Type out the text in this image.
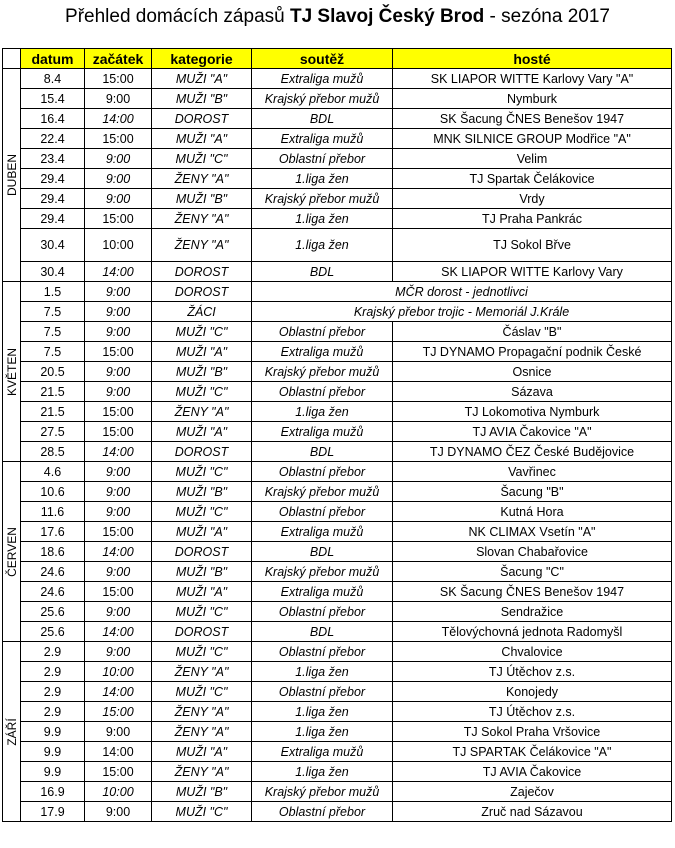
Přehled domácích zápasů TJ Slavoj Český Brod - sezóna 2017
	datum	začátek	kategorie	soutěž	hosté

DUBEN	8.4	15:00	MUŽI "A"	Extraliga mužů	SK LIAPOR WITTE Karlovy Vary "A"
	15.4	9:00	MUŽI "B"	Krajský přebor mužů	Nymburk
	16.4	14:00	DOROST	BDL	SK Šacung ČNES Benešov 1947
	22.4	15:00	MUŽI "A"	Extraliga mužů	MNK SILNICE GROUP Modřice "A"
	23.4	9:00	MUŽI "C"	Oblastní přebor	Velim
	29.4	9:00	ŽENY "A"	1.liga žen	TJ Spartak Čelákovice
	29.4	9:00	MUŽI "B"	Krajský přebor mužů	Vrdy
	29.4	15:00	ŽENY "A"	1.liga žen	TJ Praha Pankrác
	30.4	10:00	ŽENY "A"	1.liga žen	TJ Sokol Břve
	30.4	14:00	DOROST	BDL	SK LIAPOR WITTE Karlovy Vary

KVĚTEN	1.5	9:00	DOROST	MČR dorost - jednotlivci	
	7.5	9:00	ŽÁCI	Krajský přebor trojic - Memoriál J.Krále	
	7.5	9:00	MUŽI "C"	Oblastní přebor	Čáslav "B"
	7.5	15:00	MUŽI "A"	Extraliga mužů	TJ DYNAMO Propagační podnik České
	20.5	9:00	MUŽI "B"	Krajský přebor mužů	Osnice
	21.5	9:00	MUŽI "C"	Oblastní přebor	Sázava
	21.5	15:00	ŽENY "A"	1.liga žen	TJ Lokomotiva Nymburk
	27.5	15:00	MUŽI "A"	Extraliga mužů	TJ AVIA Čakovice "A"
	28.5	14:00	DOROST	BDL	TJ DYNAMO ČEZ České Budějovice

ČERVEN	4.6	9:00	MUŽI "C"	Oblastní přebor	Vavřinec
	10.6	9:00	MUŽI "B"	Krajský přebor mužů	Šacung "B"
	11.6	9:00	MUŽI "C"	Oblastní přebor	Kutná Hora
	17.6	15:00	MUŽI "A"	Extraliga mužů	NK CLIMAX Vsetín "A"
	18.6	14:00	DOROST	BDL	Slovan Chabařovice
	24.6	9:00	MUŽI "B"	Krajský přebor mužů	Šacung "C"
	24.6	15:00	MUŽI "A"	Extraliga mužů	SK Šacung ČNES Benešov 1947
	25.6	9:00	MUŽI "C"	Oblastní přebor	Sendražice
	25.6	14:00	DOROST	BDL	Tělovýchovná jednota Radomyšl

ZÁŘÍ	2.9	9:00	MUŽI "C"	Oblastní přebor	Chvalovice
	2.9	10:00	ŽENY "A"	1.liga žen	TJ Útěchov z.s.
	2.9	14:00	MUŽI "C"	Oblastní přebor	Konojedy
	2.9	15:00	ŽENY "A"	1.liga žen	TJ Útěchov z.s.
	9.9	9:00	ŽENY "A"	1.liga žen	TJ Sokol Praha Vršovice
	9.9	14:00	MUŽI "A"	Extraliga mužů	TJ SPARTAK Čelákovice "A"
	9.9	15:00	ŽENY "A"	1.liga žen	TJ AVIA Čakovice
	16.9	10:00	MUŽI "B"	Krajský přebor mužů	Zaječov
	17.9	9:00	MUŽI "C"	Oblastní přebor	Zruč nad Sázavou
